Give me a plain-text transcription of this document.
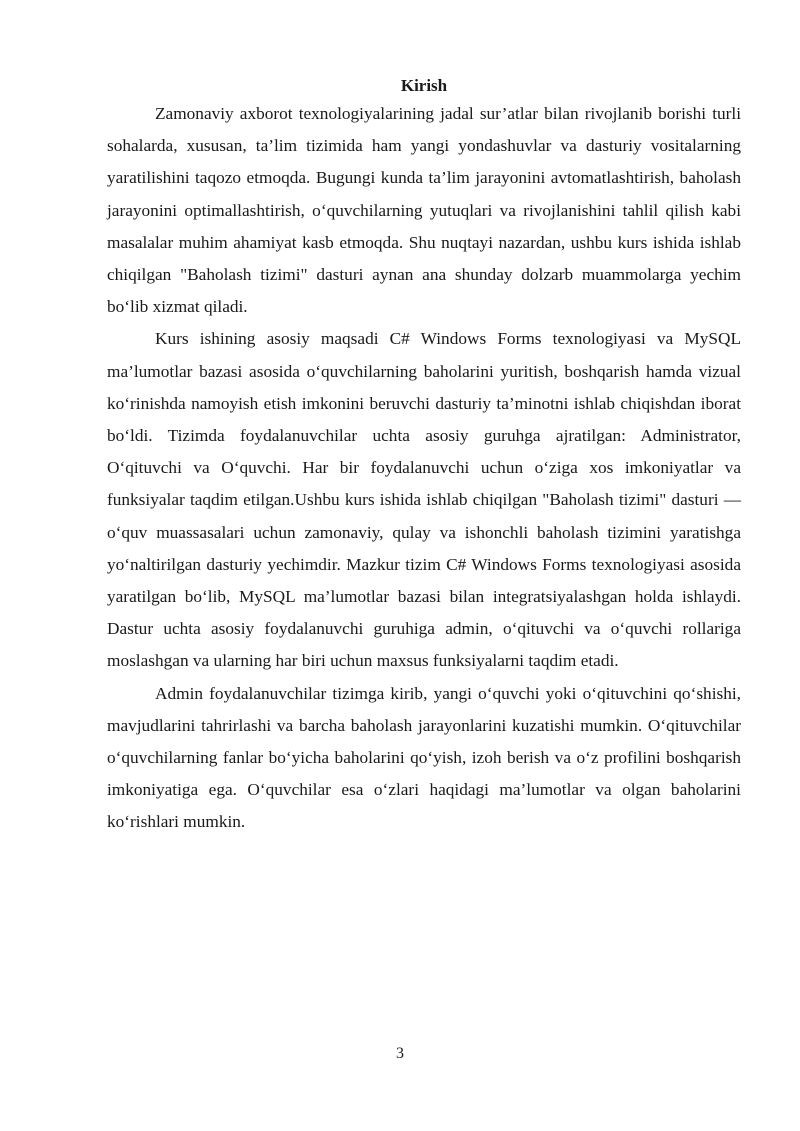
Kirish

Zamonaviy axborot texnologiyalarining jadal sur’atlar bilan rivojlanib borishi turli sohalarda, xususan, ta’lim tizimida ham yangi yondashuvlar va dasturiy vositalarning yaratilishini taqozo etmoqda. Bugungi kunda ta’lim jarayonini avtomatlashtirish, baholash jarayonini optimallashtirish, o‘quvchilarning yutuqlari va rivojlanishini tahlil qilish kabi masalalar muhim ahamiyat kasb etmoqda. Shu nuqtayi nazardan, ushbu kurs ishida ishlab chiqilgan "Baholash tizimi" dasturi aynan ana shunday dolzarb muammolarga yechim bo‘lib xizmat qiladi.

Kurs ishining asosiy maqsadi C# Windows Forms texnologiyasi va MySQL ma’lumotlar bazasi asosida o‘quvchilarning baholarini yuritish, boshqarish hamda vizual ko‘rinishda namoyish etish imkonini beruvchi dasturiy ta’minotni ishlab chiqishdan iborat bo‘ldi. Tizimda foydalanuvchilar uchta asosiy guruhga ajratilgan: Administrator, O‘qituvchi va O‘quvchi. Har bir foydalanuvchi uchun o‘ziga xos imkoniyatlar va funksiyalar taqdim etilgan.Ushbu kurs ishida ishlab chiqilgan "Baholash tizimi" dasturi — o‘quv muassasalari uchun zamonaviy, qulay va ishonchli baholash tizimini yaratishga yo‘naltirilgan dasturiy yechimdir. Mazkur tizim C# Windows Forms texnologiyasi asosida yaratilgan bo‘lib, MySQL ma’lumotlar bazasi bilan integratsiyalashgan holda ishlaydi. Dastur uchta asosiy foydalanuvchi guruhiga admin, o‘qituvchi va o‘quvchi rollariga moslashgan va ularning har biri uchun maxsus funksiyalarni taqdim etadi.

Admin foydalanuvchilar tizimga kirib, yangi o‘quvchi yoki o‘qituvchini qo‘shishi, mavjudlarini tahrirlashi va barcha baholash jarayonlarini kuzatishi mumkin. O‘qituvchilar o‘quvchilarning fanlar bo‘yicha baholarini qo‘yish, izoh berish va o‘z profilini boshqarish imkoniyatiga ega. O‘quvchilar esa o‘zlari haqidagi ma’lumotlar va olgan baholarini ko‘rishlari mumkin.

3
